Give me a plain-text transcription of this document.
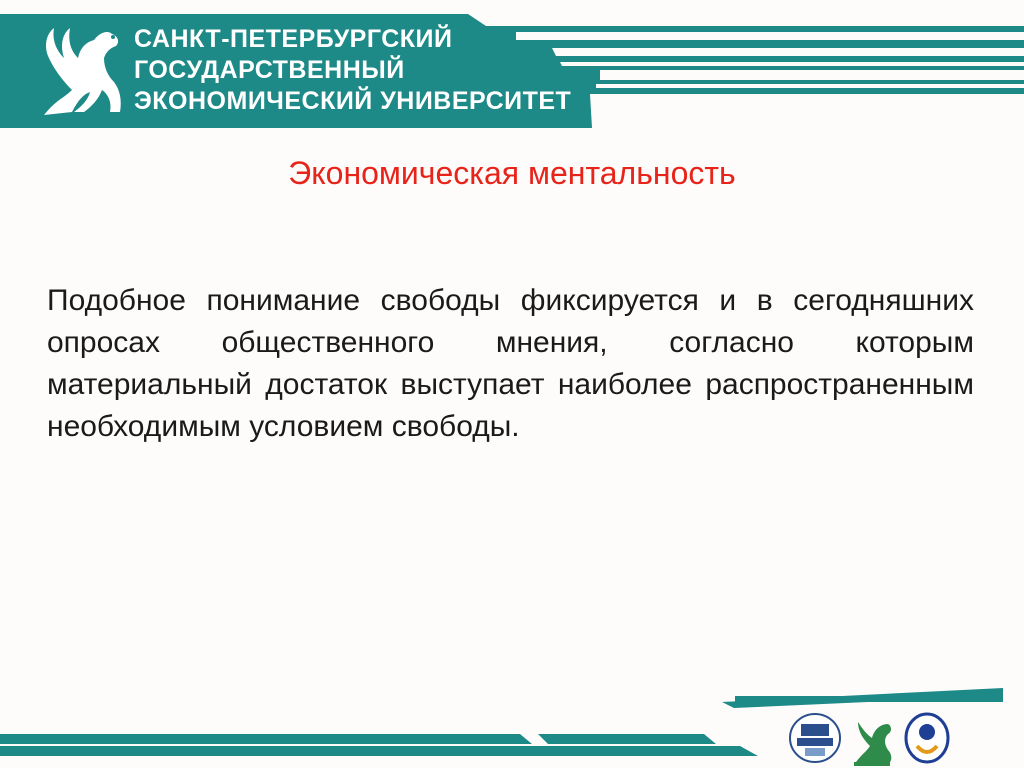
САНКТ-ПЕТЕРБУРГСКИЙ
ГОСУДАРСТВЕННЫЙ
ЭКОНОМИЧЕСКИЙ УНИВЕРСИТЕТ
Экономическая ментальность
Подобное понимание свободы фиксируется и в сегодняшних опросах общественного мнения, согласно которым материальный достаток выступает наиболее распространенным необходимым условием свободы.
